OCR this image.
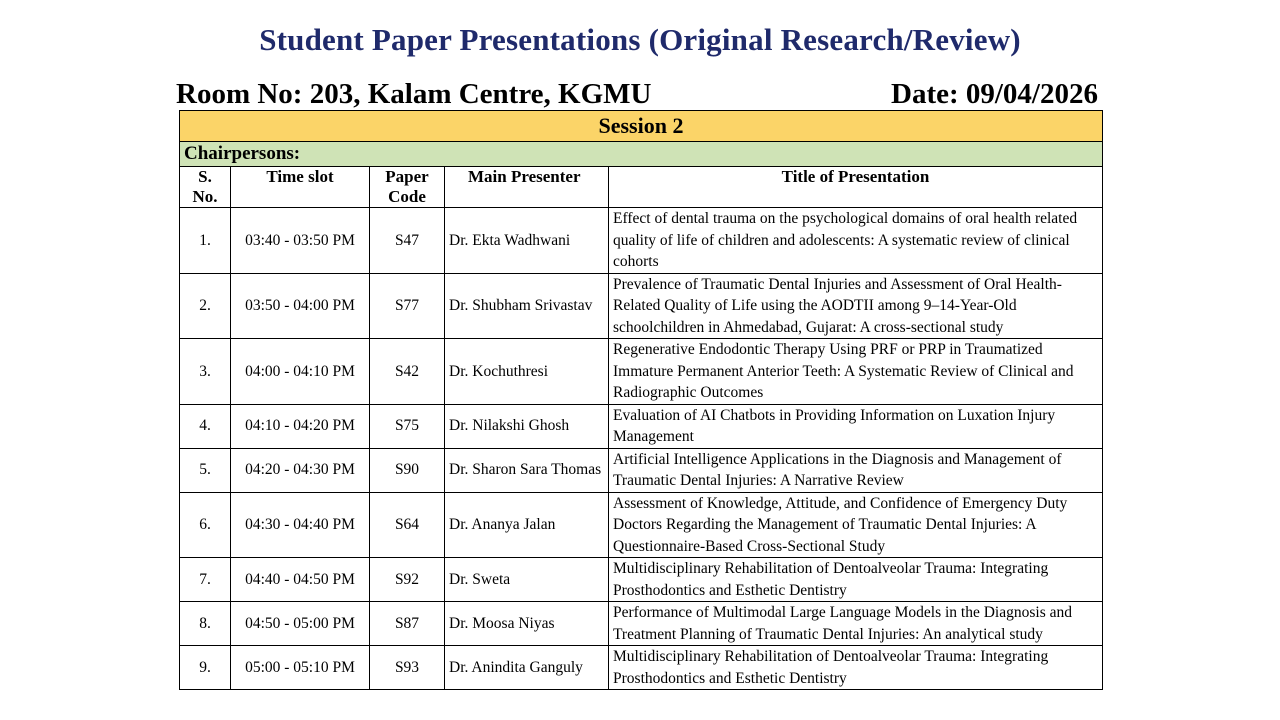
Student Paper Presentations (Original Research/Review)
Room No: 203, Kalam Centre, KGMU	Date: 09/04/2026
Session 2				
Chairpersons:				
S. No.	Time slot	Paper Code	Main Presenter	Title of Presentation
1.	03:40 - 03:50 PM	S47	Dr. Ekta Wadhwani	Effect of dental trauma on the psychological domains of oral health related quality of life of children and adolescents: A systematic review of clinical cohorts
2.	03:50 - 04:00 PM	S77	Dr. Shubham Srivastav	Prevalence of Traumatic Dental Injuries and Assessment of Oral Health-Related Quality of Life using the AODTII among 9–14-Year-Old schoolchildren in Ahmedabad, Gujarat: A cross-sectional study
3.	04:00 - 04:10 PM	S42	Dr. Kochuthresi	Regenerative Endodontic Therapy Using PRF or PRP in Traumatized Immature Permanent Anterior Teeth: A Systematic Review of Clinical and Radiographic Outcomes
4.	04:10 - 04:20 PM	S75	Dr. Nilakshi Ghosh	Evaluation of AI Chatbots in Providing Information on Luxation Injury Management
5.	04:20 - 04:30 PM	S90	Dr. Sharon Sara Thomas	Artificial Intelligence Applications in the Diagnosis and Management of Traumatic Dental Injuries: A Narrative Review
6.	04:30 - 04:40 PM	S64	Dr. Ananya Jalan	Assessment of Knowledge, Attitude, and Confidence of Emergency Duty Doctors Regarding the Management of Traumatic Dental Injuries: A Questionnaire-Based Cross-Sectional Study
7.	04:40 - 04:50 PM	S92	Dr. Sweta	Multidisciplinary Rehabilitation of Dentoalveolar Trauma: Integrating Prosthodontics and Esthetic Dentistry
8.	04:50 - 05:00 PM	S87	Dr. Moosa Niyas	Performance of Multimodal Large Language Models in the Diagnosis and Treatment Planning of Traumatic Dental Injuries: An analytical study
9.	05:00 - 05:10 PM	S93	Dr. Anindita Ganguly	Multidisciplinary Rehabilitation of Dentoalveolar Trauma: Integrating Prosthodontics and Esthetic Dentistry
